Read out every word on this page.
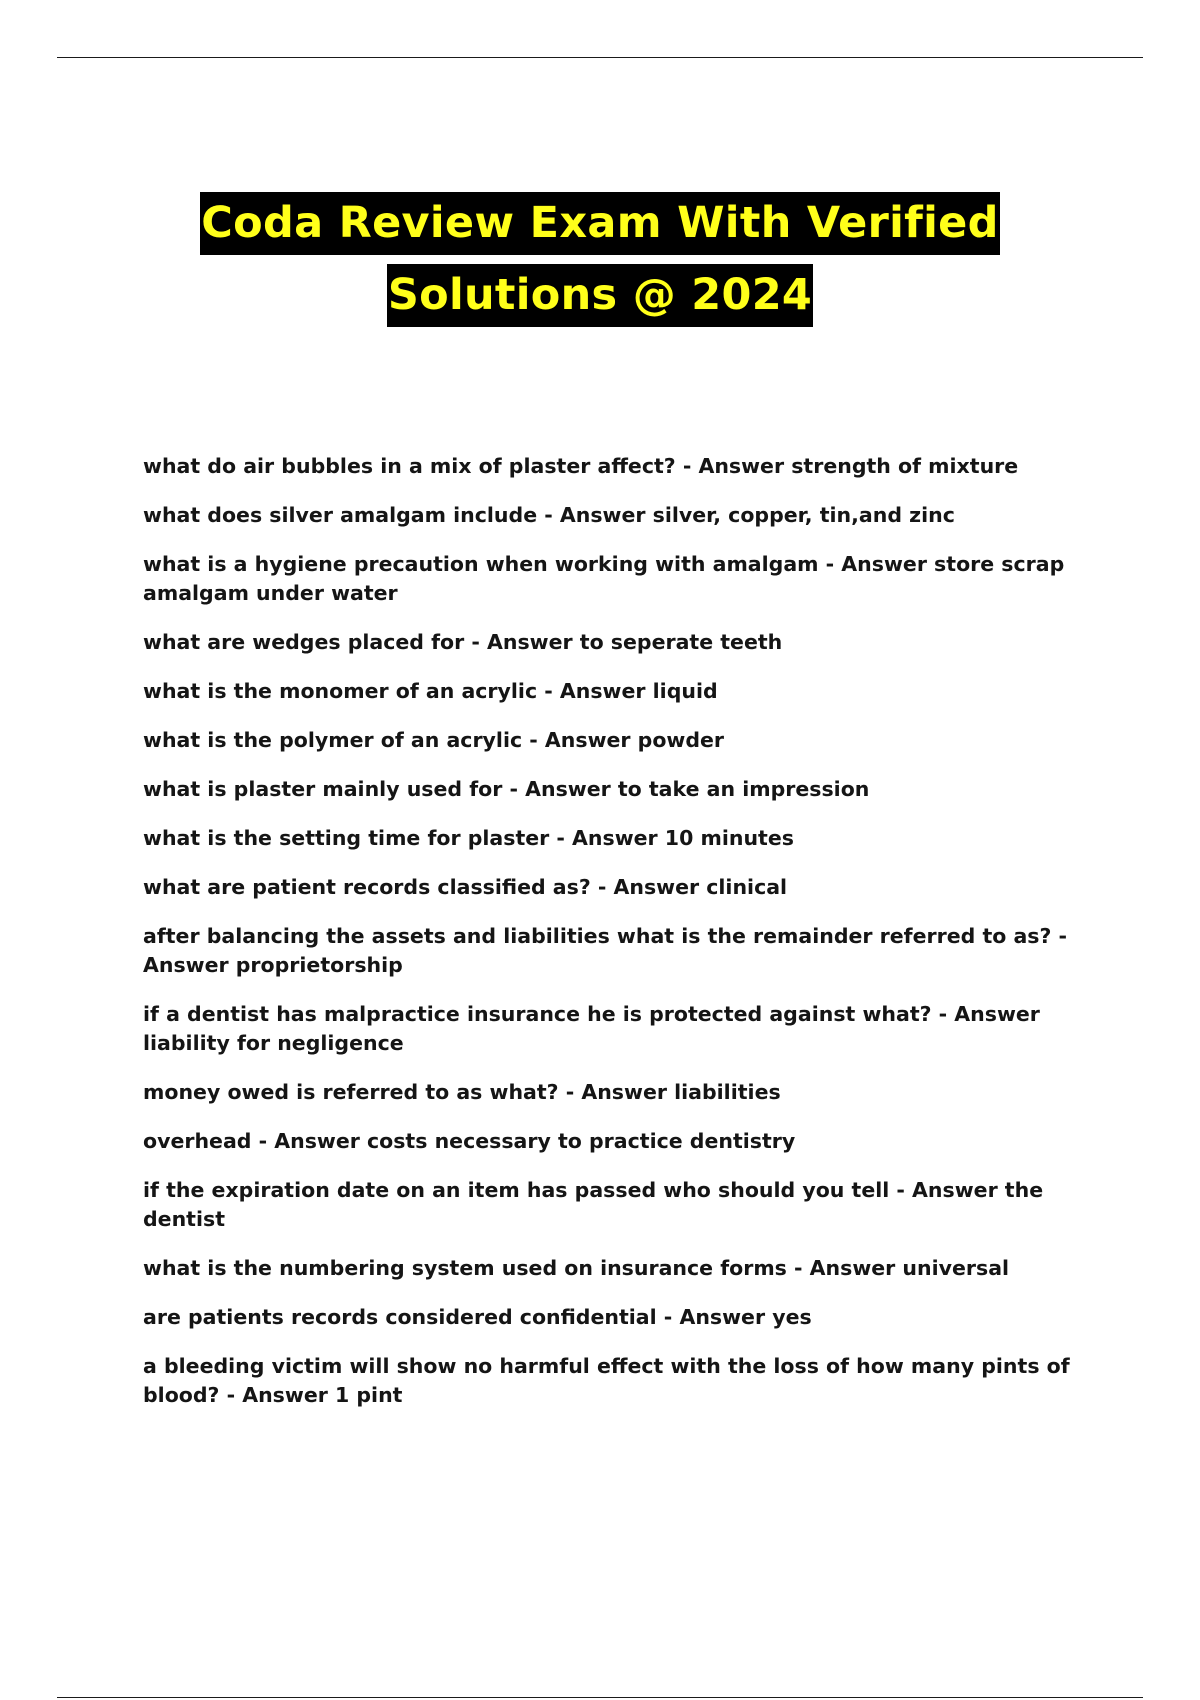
Coda Review Exam With Verified
Solutions @ 2024
what do air bubbles in a mix of plaster affect? - Answer strength of mixture
what does silver amalgam include - Answer silver, copper, tin,and zinc
what is a hygiene precaution when working with amalgam - Answer store scrap amalgam under water
what are wedges placed for - Answer to seperate teeth
what is the monomer of an acrylic - Answer liquid
what is the polymer of an acrylic - Answer powder
what is plaster mainly used for - Answer to take an impression
what is the setting time for plaster - Answer 10 minutes
what are patient records classified as? - Answer clinical
after balancing the assets and liabilities what is the remainder referred to as? - Answer proprietorship
if a dentist has malpractice insurance he is protected against what? - Answer liability for negligence
money owed is referred to as what? - Answer liabilities
overhead - Answer costs necessary to practice dentistry
if the expiration date on an item has passed who should you tell - Answer the dentist
what is the numbering system used on insurance forms - Answer universal
are patients records considered confidential - Answer yes
a bleeding victim will show no harmful effect with the loss of how many pints of blood? - Answer 1 pint
